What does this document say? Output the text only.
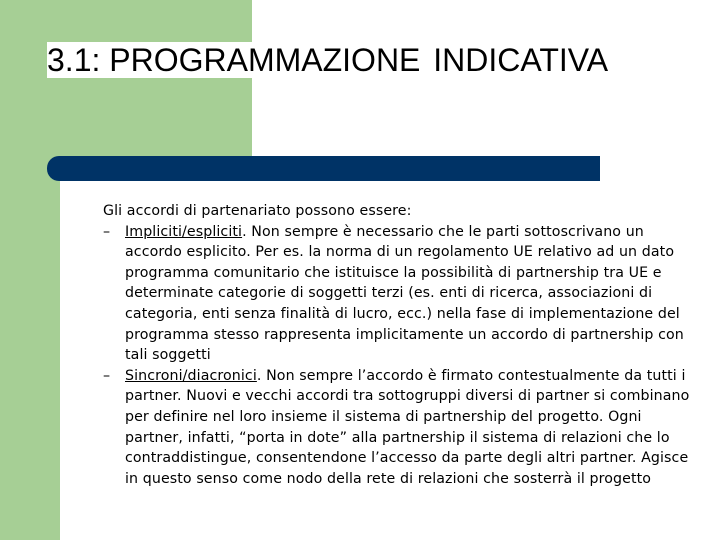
3.1: PROGRAMMAZIONE INDICATIVA

Gli accordi di partenariato possono essere:

– Impliciti/espliciti. Non sempre è necessario che le parti sottoscrivano un accordo esplicito. Per es. la norma di un regolamento UE relativo ad un dato programma comunitario che istituisce la possibilità di partnership tra UE e determinate categorie di soggetti terzi (es. enti di ricerca, associazioni di categoria, enti senza finalità di lucro, ecc.) nella fase di implementazione del programma stesso rappresenta implicitamente un accordo di partnership con tali soggetti

– Sincroni/diacronici. Non sempre l’accordo è firmato contestualmente da tutti i partner. Nuovi e vecchi accordi tra sottogruppi diversi di partner si combinano per definire nel loro insieme il sistema di partnership del progetto. Ogni partner, infatti, “porta in dote” alla partnership il sistema di relazioni che lo contraddistingue, consentendone l’accesso da parte degli altri partner. Agisce in questo senso come nodo della rete di relazioni che sosterrà il progetto
